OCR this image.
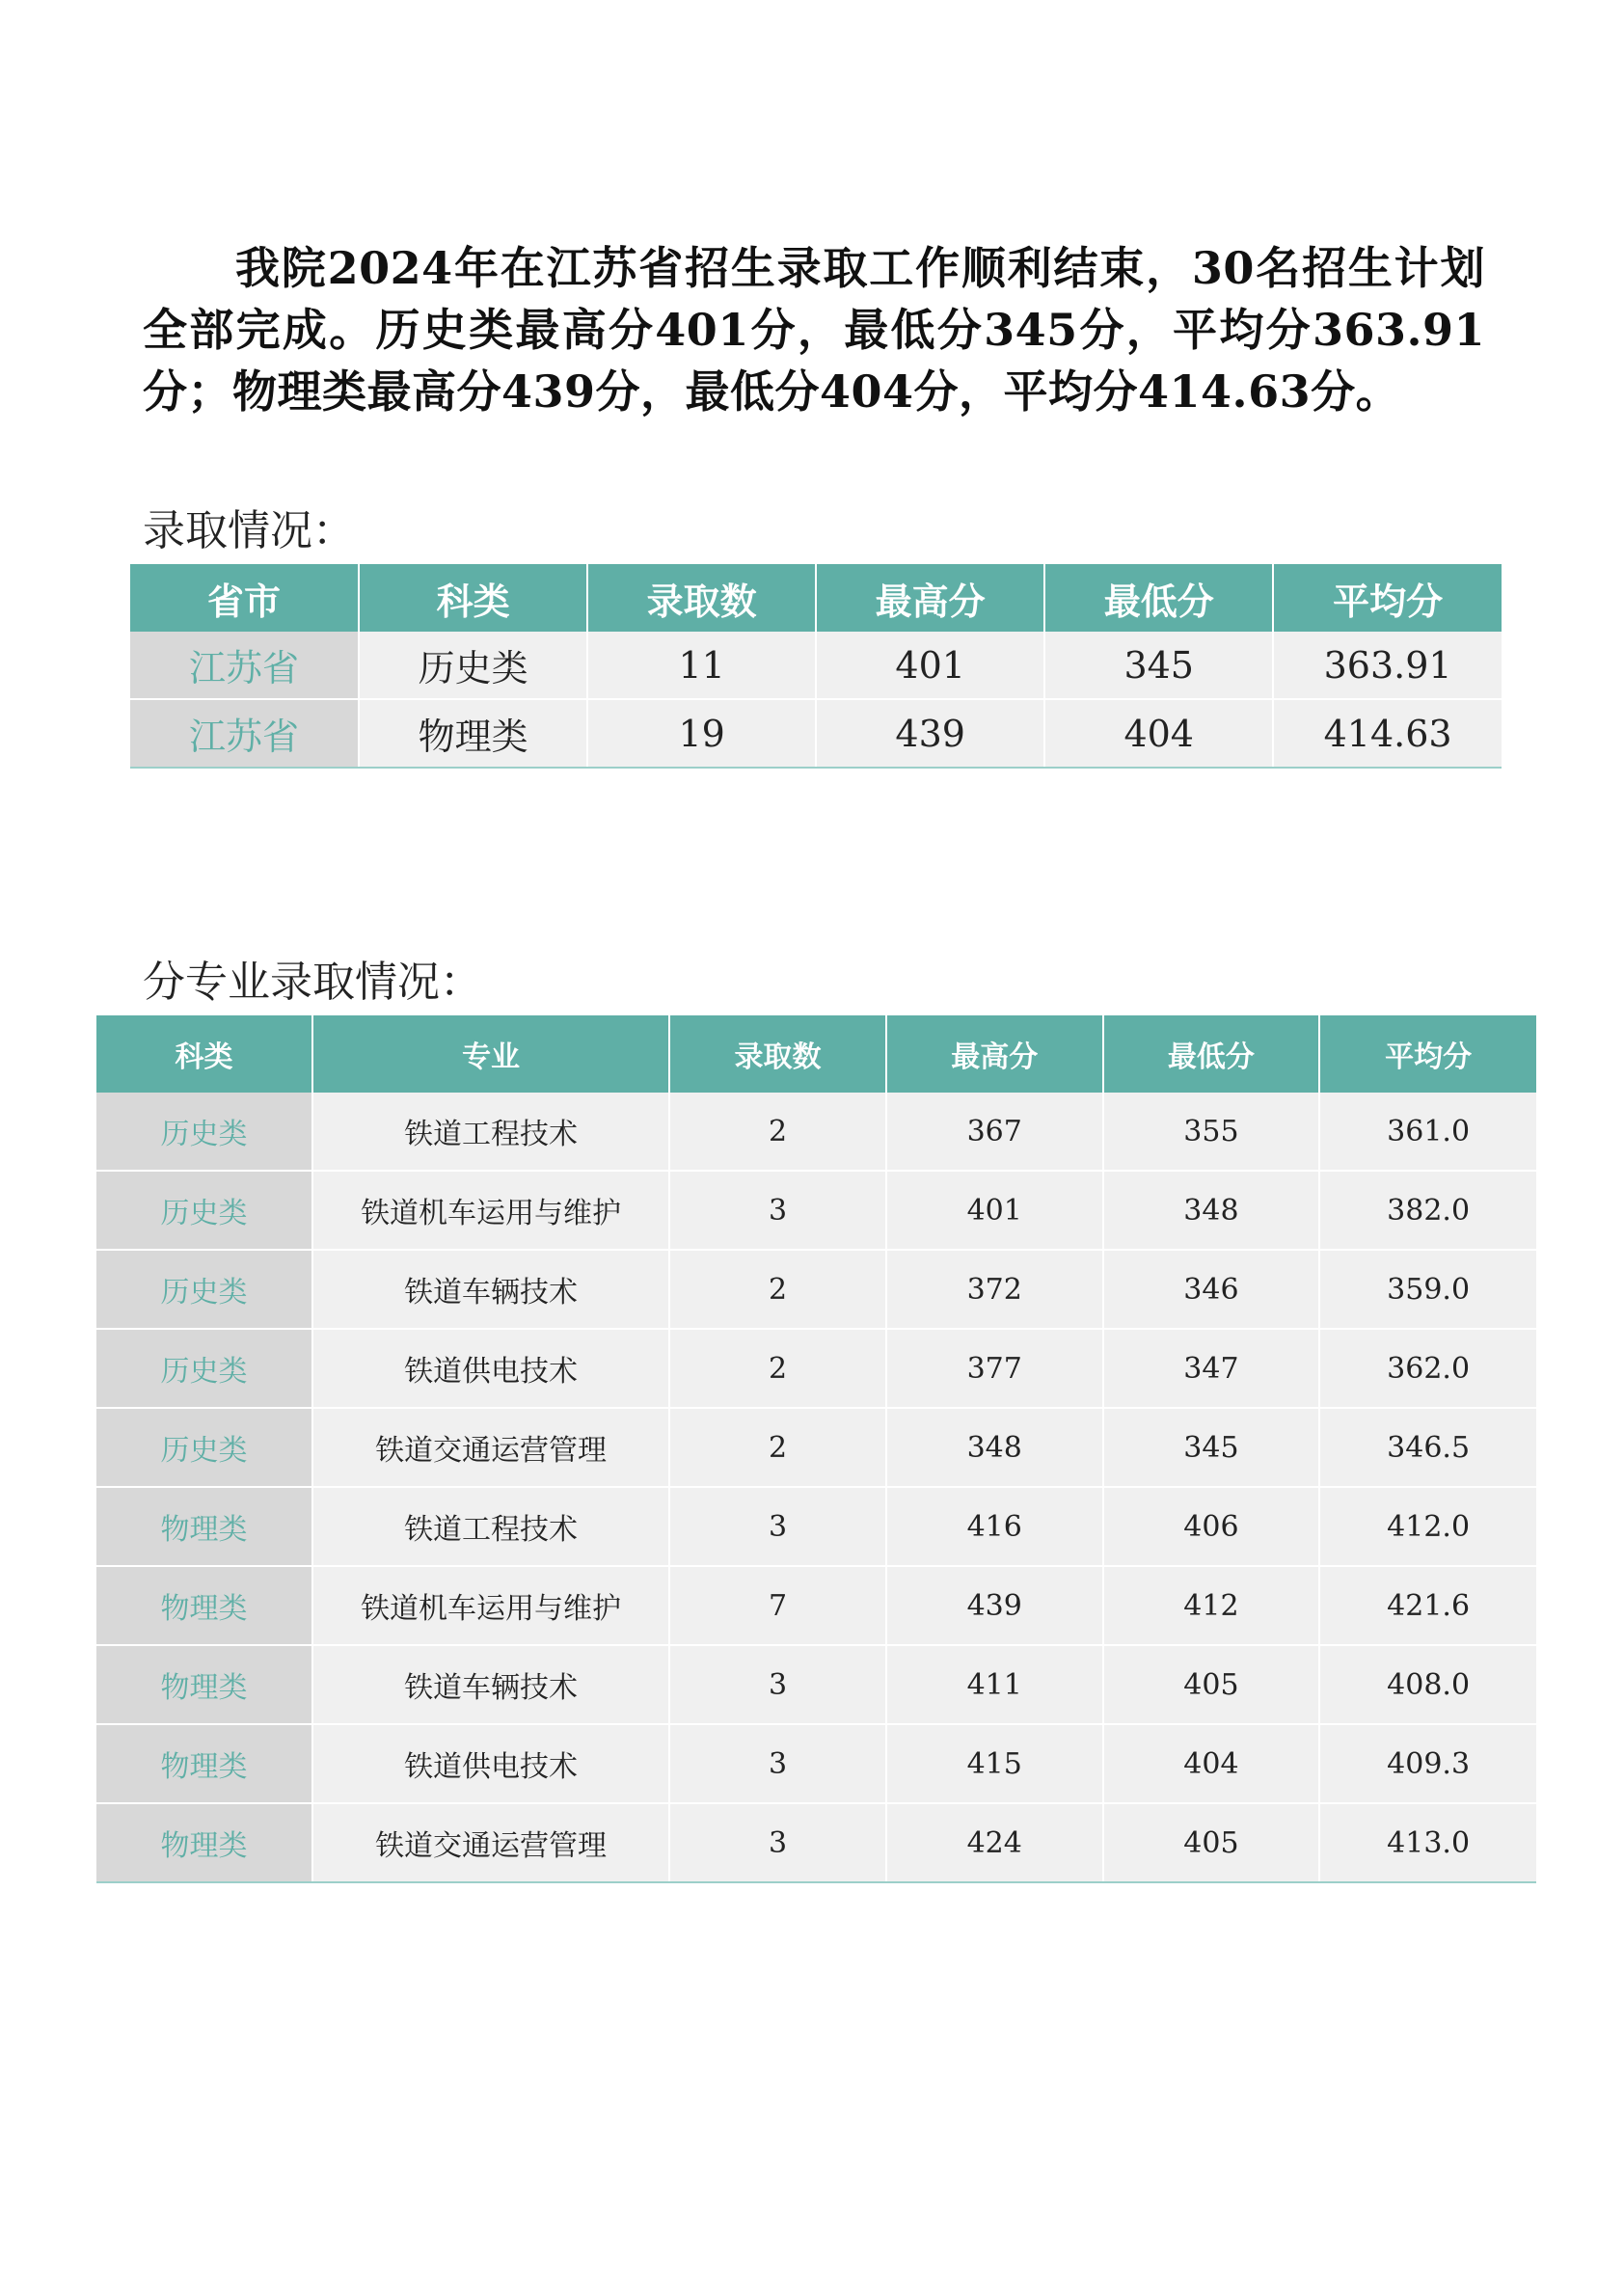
我院2024年在江苏省招生录取工作顺利结束，30名招生计划全部完成。历史类最高分401分，最低分345分，平均分363.91分；物理类最高分439分，最低分404分，平均分414.63分。

录取情况：
省市	科类	录取数	最高分	最低分	平均分
江苏省	历史类	11	401	345	363.91
江苏省	物理类	19	439	404	414.63
分专业录取情况：
科类	专业	录取数	最高分	最低分	平均分
历史类	铁道工程技术	2	367	355	361.0
历史类	铁道机车运用与维护	3	401	348	382.0
历史类	铁道车辆技术	2	372	346	359.0
历史类	铁道供电技术	2	377	347	362.0
历史类	铁道交通运营管理	2	348	345	346.5
物理类	铁道工程技术	3	416	406	412.0
物理类	铁道机车运用与维护	7	439	412	421.6
物理类	铁道车辆技术	3	411	405	408.0
物理类	铁道供电技术	3	415	404	409.3
物理类	铁道交通运营管理	3	424	405	413.0
